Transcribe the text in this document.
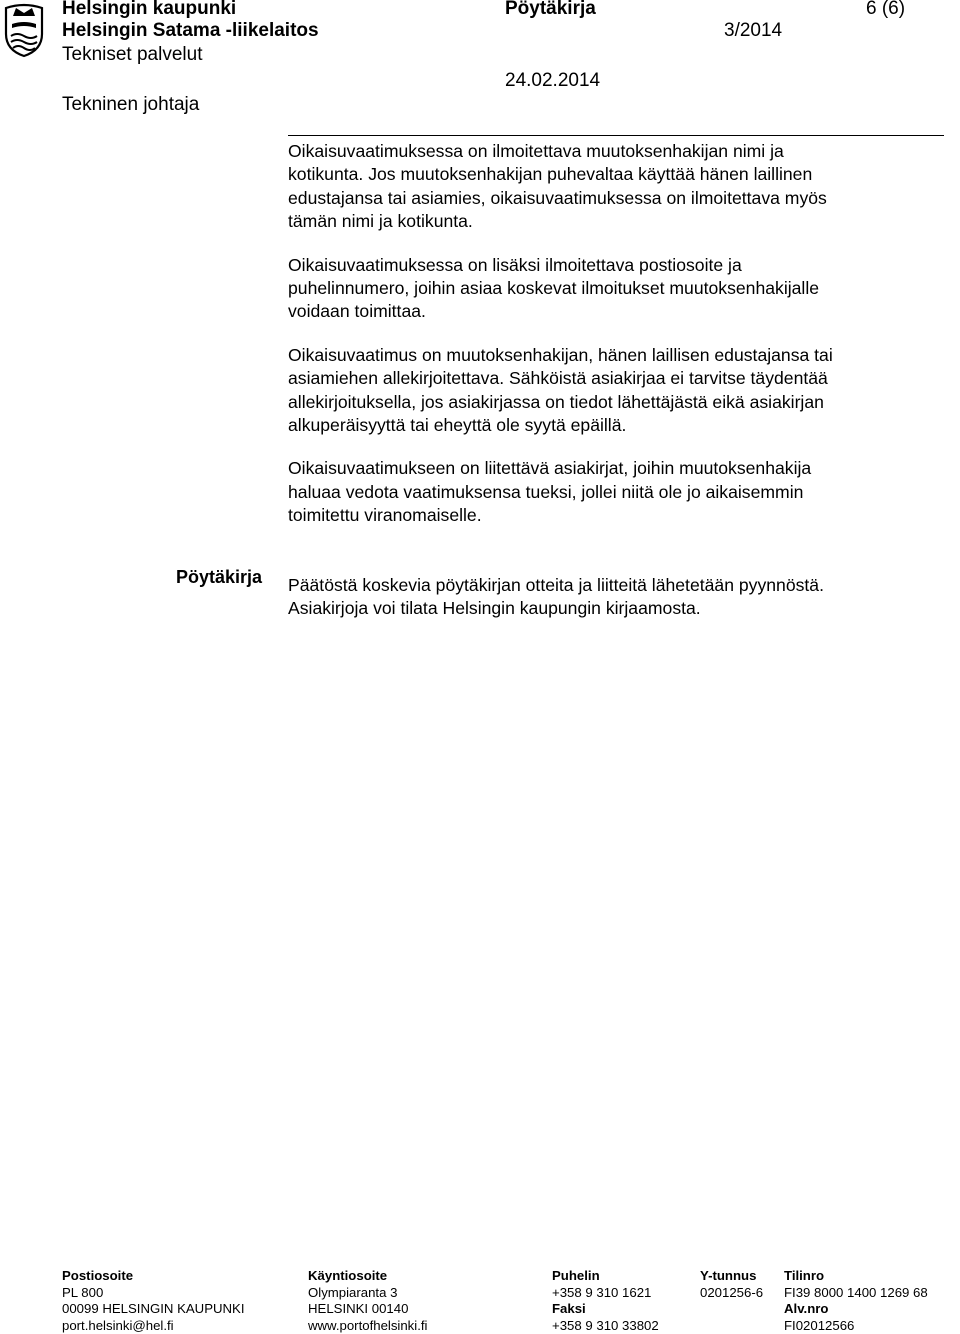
Helsingin kaupunki
Helsingin Satama -liikelaitos
Tekniset palvelut
Tekninen johtaja
Pöytäkirja
3/2014
24.02.2014
6 (6)

Oikaisuvaatimuksessa on ilmoitettava muutoksenhakijan nimi ja

kotikunta. Jos muutoksenhakijan puhevaltaa käyttää hänen laillinen

edustajansa tai asiamies, oikaisuvaatimuksessa on ilmoitettava myös

tämän nimi ja kotikunta.

Oikaisuvaatimuksessa on lisäksi ilmoitettava postiosoite ja

puhelinnumero, joihin asiaa koskevat ilmoitukset muutoksenhakijalle

voidaan toimittaa.

Oikaisuvaatimus on muutoksenhakijan, hänen laillisen edustajansa tai

asiamiehen allekirjoitettava. Sähköistä asiakirjaa ei tarvitse täydentää

allekirjoituksella, jos asiakirjassa on tiedot lähettäjästä eikä asiakirjan

alkuperäisyyttä tai eheyttä ole syytä epäillä.

Oikaisuvaatimukseen on liitettävä asiakirjat, joihin muutoksenhakija

haluaa vedota vaatimuksensa tueksi, jollei niitä ole jo aikaisemmin

toimitettu viranomaiselle.

Päätöstä koskevia pöytäkirjan otteita ja liitteitä lähetetään pyynnöstä.

Asiakirjoja voi tilata Helsingin kaupungin kirjaamosta.

Pöytäkirja
Postiosoite
PL 800
00099 HELSINGIN KAUPUNKI
port.helsinki@hel.fi
Käyntiosoite
Olympiaranta 3
HELSINKI 00140
www.portofhelsinki.fi
Puhelin
+358 9 310 1621
Faksi
+358 9 310 33802
Y-tunnus
0201256-6
Tilinro
FI39 8000 1400 1269 68
Alv.nro
FI02012566
